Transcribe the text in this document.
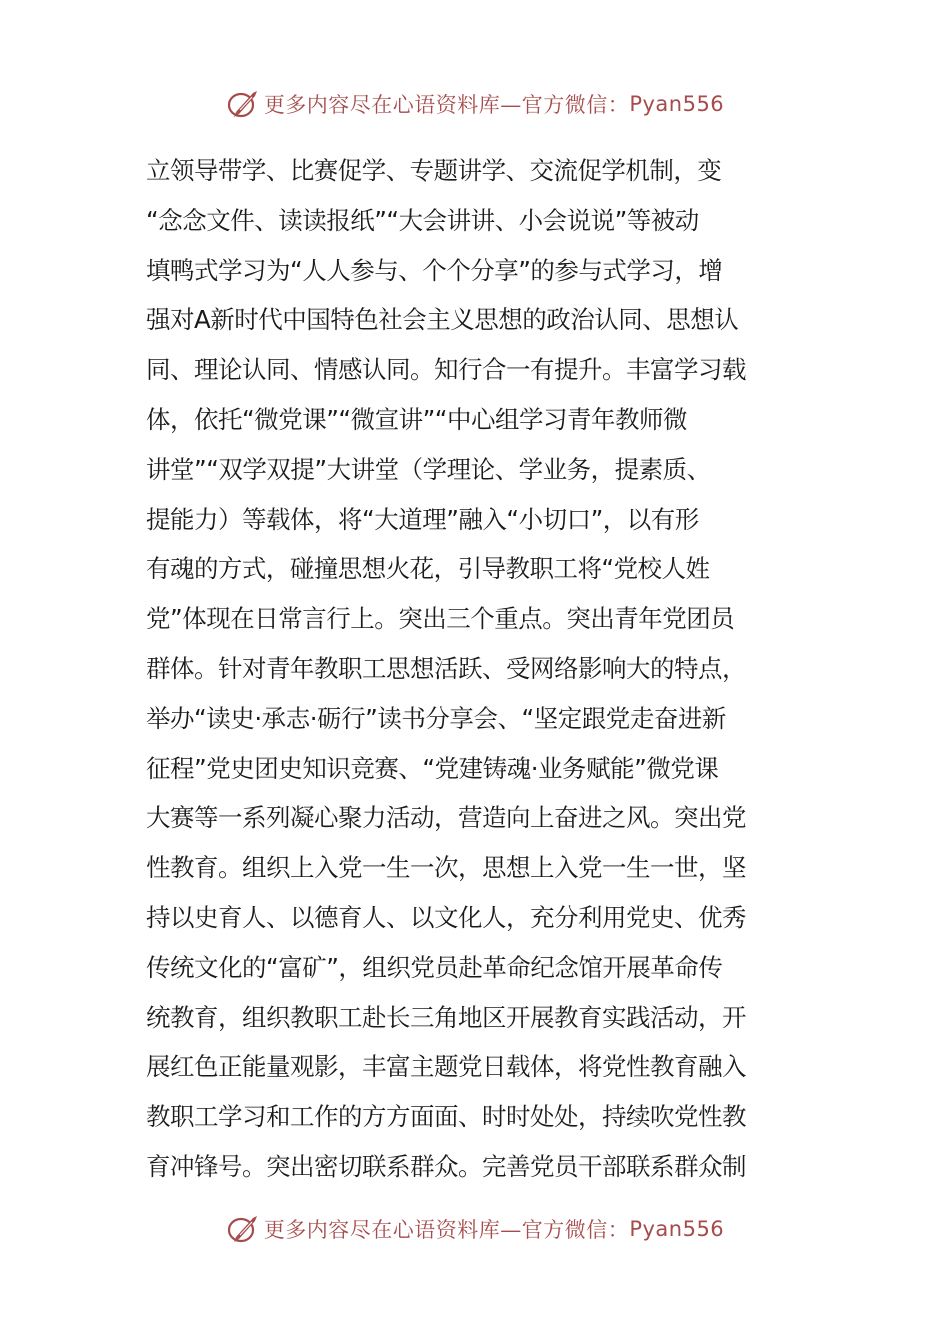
更多内容尽在心语资料库—官方微信： Pyan556
立领导带学、比赛促学、专题讲学、交流促学机制，变
“念念文件、读读报纸”“大会讲讲、小会说说”等被动
填鸭式学习为“人人参与、个个分享”的参与式学习，增
强对A新时代中国特色社会主义思想的政治认同、思想认
同、理论认同、情感认同。知行合一有提升。丰富学习载
体，依托“微党课”“微宣讲”“中心组学习青年教师微
讲堂”“双学双提”大讲堂（学理论、学业务，提素质、
提能力）等载体，将“大道理”融入“小切口”，以有形
有魂的方式，碰撞思想火花，引导教职工将“党校人姓
党”体现在日常言行上。突出三个重点。突出青年党团员
群体。针对青年教职工思想活跃、受网络影响大的特点，
举办“读史·承志·砺行”读书分享会、“坚定跟党走奋进新
征程”党史团史知识竞赛、“党建铸魂·业务赋能”微党课
大赛等一系列凝心聚力活动，营造向上奋进之风。突出党
性教育。组织上入党一生一次，思想上入党一生一世，坚
持以史育人、以德育人、以文化人，充分利用党史、优秀
传统文化的“富矿”，组织党员赴革命纪念馆开展革命传
统教育，组织教职工赴长三角地区开展教育实践活动，开
展红色正能量观影，丰富主题党日载体，将党性教育融入
教职工学习和工作的方方面面、时时处处，持续吹党性教
育冲锋号。突出密切联系群众。完善党员干部联系群众制
更多内容尽在心语资料库—官方微信： Pyan556
